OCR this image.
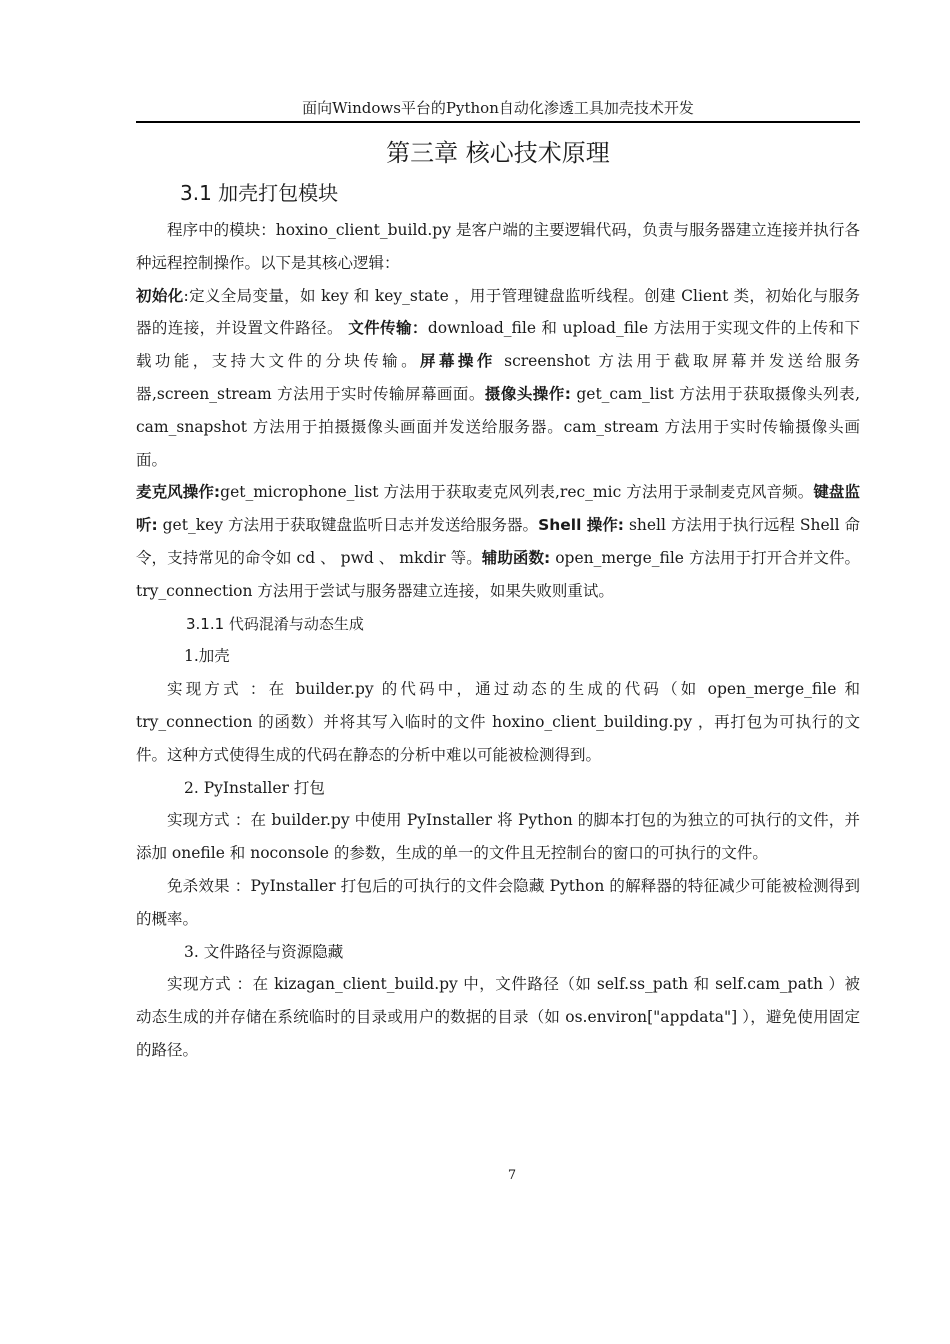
面向Windows平台的Python自动化渗透工具加壳技术开发
第三章 核心技术原理
3.1 加壳打包模块

程序中的模块：hoxino_client_build.py 是客户端的主要逻辑代码，负责与服务器建立连接并执行各种远程控制操作。以下是其核心逻辑：

初始化:定义全局变量，如 key 和 key_state ，用于管理键盘监听线程。创建 Client 类，初始化与服务器的连接，并设置文件路径。 文件传输：download_file 和 upload_file 方法用于实现文件的上传和下载功能，支持大文件的分块传输。屏幕操作 screenshot 方法用于截取屏幕并发送给服务器,screen_stream 方法用于实时传输屏幕画面。摄像头操作: get_cam_list 方法用于获取摄像头列表, cam_snapshot 方法用于拍摄摄像头画面并发送给服务器。cam_stream 方法用于实时传输摄像头画面。

麦克风操作:get_microphone_list 方法用于获取麦克风列表,rec_mic 方法用于录制麦克风音频。键盘监听: get_key 方法用于获取键盘监听日志并发送给服务器。Shell 操作: shell 方法用于执行远程 Shell 命令，支持常见的命令如 cd 、 pwd 、 mkdir 等。辅助函数: open_merge_file 方法用于打开合并文件。try_connection 方法用于尝试与服务器建立连接，如果失败则重试。

3.1.1 代码混淆与动态生成

1.加壳

实现方式 ：在 builder.py 的代码中，通过动态的生成的代码（如 open_merge_file 和 try_connection 的函数）并将其写入临时的文件 hoxino_client_building.py ，再打包为可执行的文件。这种方式使得生成的代码在静态的分析中难以可能被检测得到。

2. PyInstaller 打包

实现方式 ：在 builder.py 中使用 PyInstaller 将 Python 的脚本打包的为独立的可执行的文件，并添加 onefile 和 noconsole 的参数，生成的单一的文件且无控制台的窗口的可执行的文件。

免杀效果 ：PyInstaller 打包后的可执行的文件会隐藏 Python 的解释器的特征减少可能被检测得到的概率。

3. 文件路径与资源隐藏

实现方式 ：在 kizagan_client_build.py 中，文件路径（如 self.ss_path 和 self.cam_path ）被动态生成的并存储在系统临时的目录或用户的数据的目录（如 os.environ["appdata"] ），避免使用固定的路径。

7
